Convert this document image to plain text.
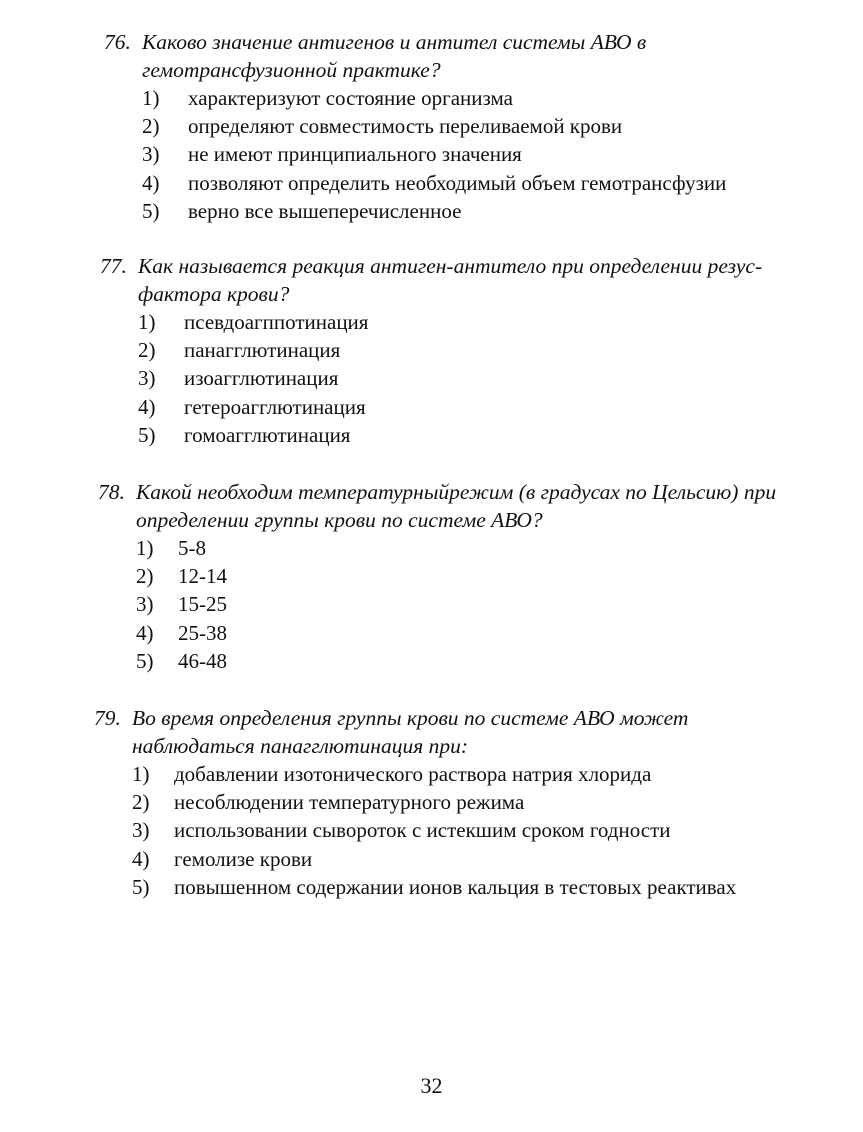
76. Каково значение антигенов и антител системы АВО в гемотрансфузионной практике?
1) характеризуют состояние организма
2) определяют совместимость переливаемой крови
3) не имеют принципиального значения
4) позволяют определить необходимый объем гемотрансфузии
5) верно все вышеперечисленное
77. Как называется реакция антиген-антитело при определении резус-фактора крови?
1) псевдоагппотинация
2) панагглютинация
3) изоагглютинация
4) гетероагглютинация
5) гомоагглютинация
78. Какой необходим температурныйрежим (в градусах по Цельсию) при определении группы крови по системе АВО?
1) 5-8
2) 12-14
3) 15-25
4) 25-38
5) 46-48
79. Во время определения группы крови по системе АВО может наблюдаться панагглютинация при:
1) добавлении изотонического раствора натрия хлорида
2) несоблюдении температурного режима
3) использовании сывороток с истекшим сроком годности
4) гемолизе крови
5) повышенном содержании ионов кальция в тестовых реактивах
32
